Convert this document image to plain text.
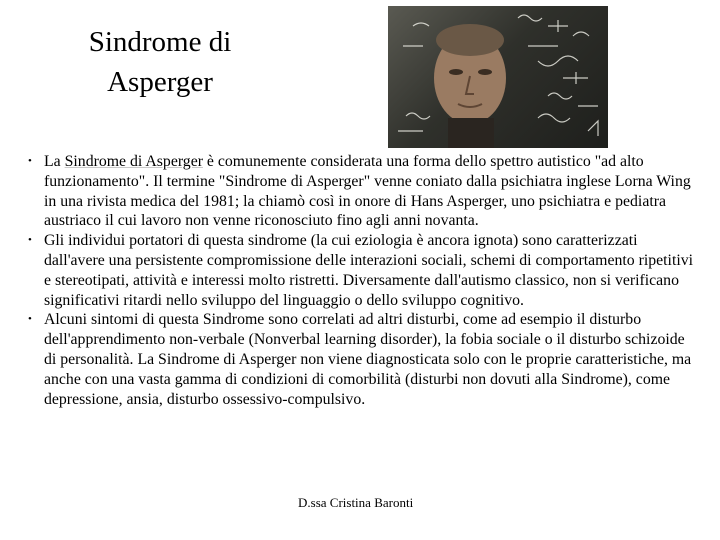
Sindrome di Asperger
• La Sindrome di Asperger è comunemente considerata una forma dello spettro autistico "ad alto funzionamento". Il termine "Sindrome di Asperger" venne coniato dalla psichiatra inglese Lorna Wing in una rivista medica del 1981; la chiamò così in onore di Hans Asperger, uno psichiatra e pediatra austriaco il cui lavoro non venne riconosciuto fino agli anni novanta.
• Gli individui portatori di questa sindrome (la cui eziologia è ancora ignota) sono caratterizzati dall'avere una persistente compromissione delle interazioni sociali, schemi di comportamento ripetitivi e stereotipati, attività e interessi molto ristretti. Diversamente dall'autismo classico, non si verificano significativi ritardi nello sviluppo del linguaggio o dello sviluppo cognitivo.
• Alcuni sintomi di questa Sindrome sono correlati ad altri disturbi, come ad esempio il disturbo dell'apprendimento non-verbale (Nonverbal learning disorder), la fobia sociale o il disturbo schizoide di personalità. La Sindrome di Asperger non viene diagnosticata solo con le proprie caratteristiche, ma anche con una vasta gamma di condizioni di comorbilità (disturbi non dovuti alla Sindrome), come depressione, ansia, disturbo ossessivo-compulsivo.
D.ssa Cristina Baronti
